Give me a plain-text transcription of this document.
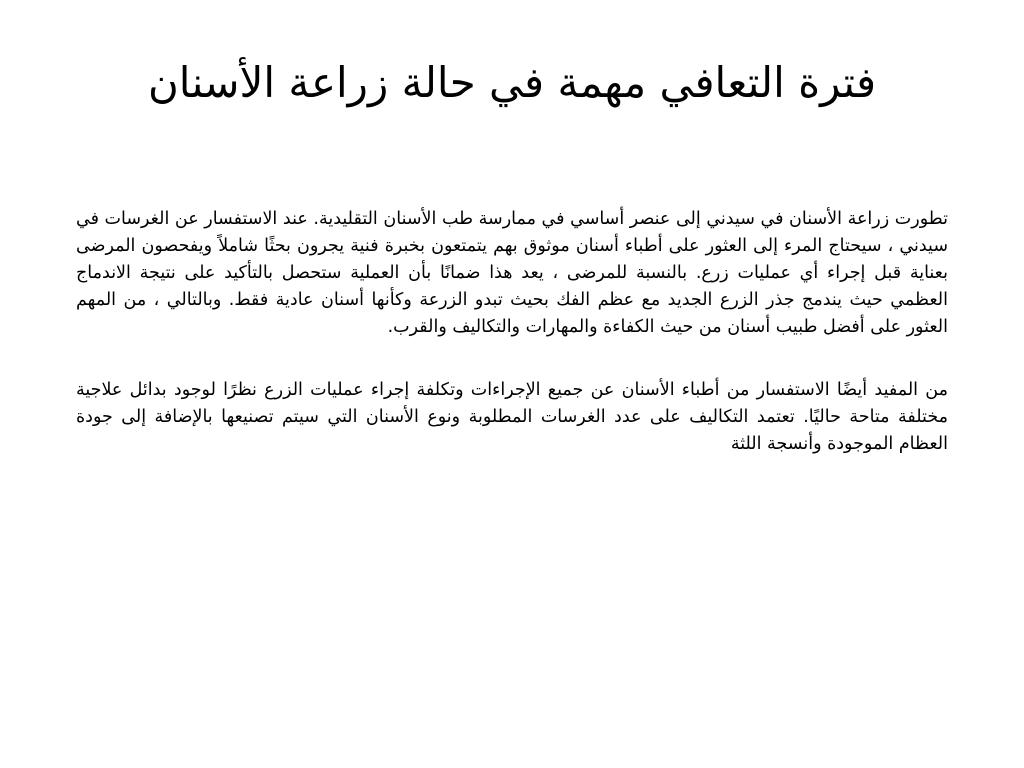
فترة التعافي مهمة في حالة زراعة الأسنان

تطورت زراعة الأسنان في سيدني إلى عنصر أساسي في ممارسة طب الأسنان التقليدية. عند الاستفسار عن الغرسات في سيدني ، سيحتاج المرء إلى العثور على أطباء أسنان موثوق بهم يتمتعون بخبرة فنية يجرون بحثًا شاملاً ويفحصون المرضى بعناية قبل إجراء أي عمليات زرع. بالنسبة للمرضى ، يعد هذا ضمانًا بأن العملية ستحصل بالتأكيد على نتيجة الاندماج العظمي حيث يندمج جذر الزرع الجديد مع عظم الفك بحيث تبدو الزرعة وكأنها أسنان عادية فقط. وبالتالي ، من المهم العثور على أفضل طبيب أسنان من حيث الكفاءة والمهارات والتكاليف والقرب.

من المفيد أيضًا الاستفسار من أطباء الأسنان عن جميع الإجراءات وتكلفة إجراء عمليات الزرع نظرًا لوجود بدائل علاجية مختلفة متاحة حاليًا. تعتمد التكاليف على عدد الغرسات المطلوبة ونوع الأسنان التي سيتم تصنيعها بالإضافة إلى جودة العظام الموجودة وأنسجة اللثة
